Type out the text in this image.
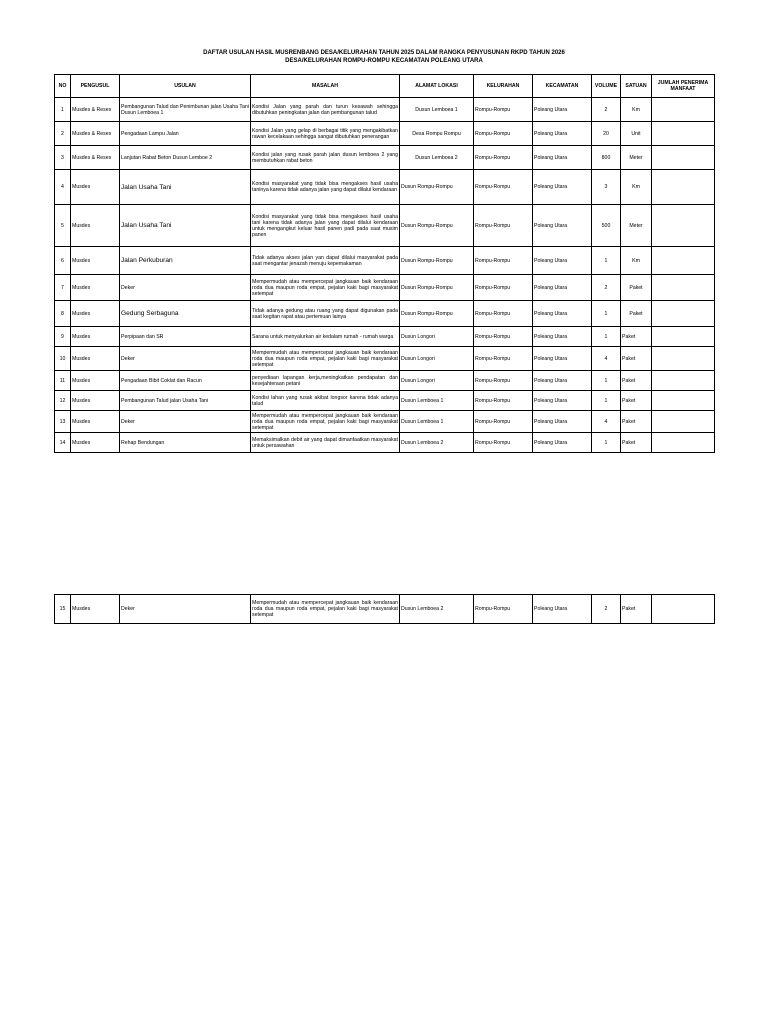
DAFTAR USULAN HASIL MUSRENBANG DESA/KELURAHAN TAHUN 2025 DALAM RANGKA PENYUSUNAN RKPD TAHUN 2026
DESA/KELURAHAN ROMPU-ROMPU KECAMATAN POLEANG UTARA
NO	PENGUSUL	USULAN	MASALAH	ALAMAT LOKASI	KELURAHAN	KECAMATAN	VOLUME	SATUAN	JUMLAH PENERIMA MANFAAT
1	Musdes & Reses	Pembangunan Talud dan Penimbunan jalan Usaha Tani Dusun Lemboea 1	Kondisi Jalan yang parah dan turun kesawah sehingga dibutuhkan peningkatan jalan dan pembangunan talud	Dusun Lemboea 1	Rompu-Rompu	Poleang Utara	2	Km	
2	Musdes & Reses	Pengadaan Lampu Jalan	Kondisi Jalan yang gelap di berbagai titik yang mengakibatkan rawan kecelakaan sehingga sangat dibutuhkan penerangan	Desa Rompu Rompu	Rompu-Rompu	Poleang Utara	20	Unit	
3	Musdes & Reses	Lanjutan Rabat Beton Dusun Lemboe 2	Kondisi jalan yang rusak parah jalan dusun lemboea 2 yang membutuhkan rabat beton	Dusun Lemboea 2	Rompu-Rompu	Poleang Utara	800	Meter	
4	Musdes	Jalan Usaha Tani	Kondisi masyarakat yang tidak bisa mengakses hasil usaha taninya karena tidak adanya jalan yang dapat dilalui kendaraan	Dusun Rompu-Rompu	Rompu-Rompu	Poleang Utara	3	Km	
5	Musdes	Jalan Usaha Tani	Kondisi masyarakat yang tidak bisa mengakses hasil usaha tani karena tidak adanya jalan yang dapat dilalui kendaraan untuk mengangkut keluar hasil panen padi pada saat musim panen	Dusun Rompu-Rompu	Rompu-Rompu	Poleang Utara	500	Meter	
6	Musdes	Jalan Perkuburan	Tidak adanya akses jalan yan dapat dilalui masyarakat pada saat mengantar jenazah menuju kepemakaman	Dusun Rompu-Rompu	Rompu-Rompu	Poleang Utara	1	Km	
7	Musdes	Deker	Mempermudah atau mempercepat jangkauan baik kendaraan roda dua maupun roda empat, pejalan kaki bagi masyarakat setempat	Dusun Rompu-Rompu	Rompu-Rompu	Poleang Utara	2	Paket	
8	Musdes	Gedung Serbaguna	Tidak adanya gedung atau ruang yang dapat digunakan pada saat kegitan rapat atau pertemuan lainya	Dusun Rompu-Rompu	Rompu-Rompu	Poleang Utara	1	Paket	
9	Musdes	Perpipaan dan SR	Sarana untuk menyalurkan air kedalam rumah - rumah warga	Dusun Longori	Rompu-Rompu	Poleang Utara	1	Paket	
10	Musdes	Deker	Mempermudah atau mempercepat jangkauan baik kendaraan roda dua maupun roda empat, pejalan kaki bagi masyarakat setempat	Dusun Longori	Rompu-Rompu	Poleang Utara	4	Paket	
11	Musdes	Pengadaan Bibit Coklat dan Racun	penyediaan lapangan kerja,meningkatkan pendapatan dan kesejahteraan petani	Dusun Longori	Rompu-Rompu	Poleang Utara	1	Paket	
12	Musdes	Pembangunan Talud jalan Usaha Tani	Kondisi lahan yang rusak akibat longsor karena tidak adanya talud	Dusun Lemboea 1	Rompu-Rompu	Poleang Utara	1	Paket	
13	Musdes	Deker	Mempermudah atau mempercepat jangkauan baik kendaraan roda dua maupun roda empat, pejalan kaki bagi masyarakat setempat	Dusun Lemboea 1	Rompu-Rompu	Poleang Utara	4	Paket	
14	Musdes	Rehap Bendungan	Memaksimalkan debit air yang dapat dimanfaatkan masyarakat untuk persawahan	Dusun Lemboea 2	Rompu-Rompu	Poleang Utara	1	Paket	
15	Musdes	Deker	Mempermudah atau mempercepat jangkauan baik kendaraan roda dua maupun roda empat, pejalan kaki bagi masyarakat setempat	Dusun Lemboea 2	Rompu-Rompu	Poleang Utara	2	Paket	
